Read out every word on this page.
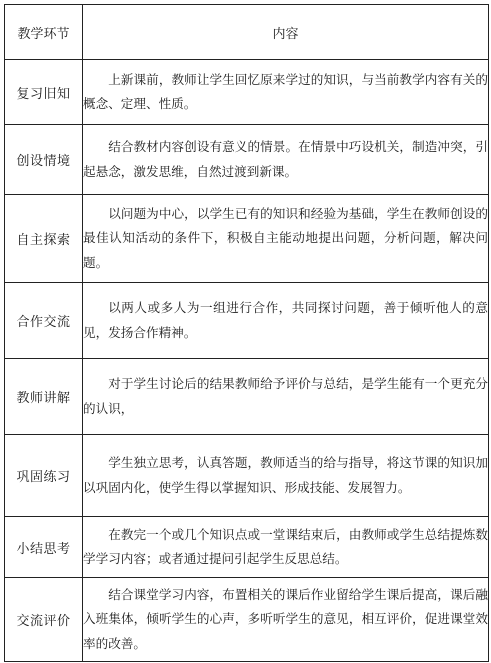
教学环节	内容
复习旧知	上新课前，教师让学生回忆原来学过的知识，与当前教学内容有关的概念、定理、性质。
创设情境	结合教材内容创设有意义的情景。在情景中巧设机关，制造冲突，引起悬念，激发思维，自然过渡到新课。
自主探索	以问题为中心，以学生已有的知识和经验为基础，学生在教师创设的最佳认知活动的条件下，积极自主能动地提出问题，分析问题，解决问题。
合作交流	以两人或多人为一组进行合作，共同探讨问题，善于倾听他人的意见，发扬合作精神。
教师讲解	对于学生讨论后的结果教师给予评价与总结，是学生能有一个更充分的认识，
巩固练习	学生独立思考，认真答题，教师适当的给与指导，将这节课的知识加以巩固内化，使学生得以掌握知识、形成技能、发展智力。
小结思考	在教完一个或几个知识点或一堂课结束后，由教师或学生总结提炼数学学习内容；或者通过提问引起学生反思总结。
交流评价	结合课堂学习内容，布置相关的课后作业留给学生课后提高，课后融入班集体，倾听学生的心声，多听听学生的意见，相互评价，促进课堂效率的改善。
